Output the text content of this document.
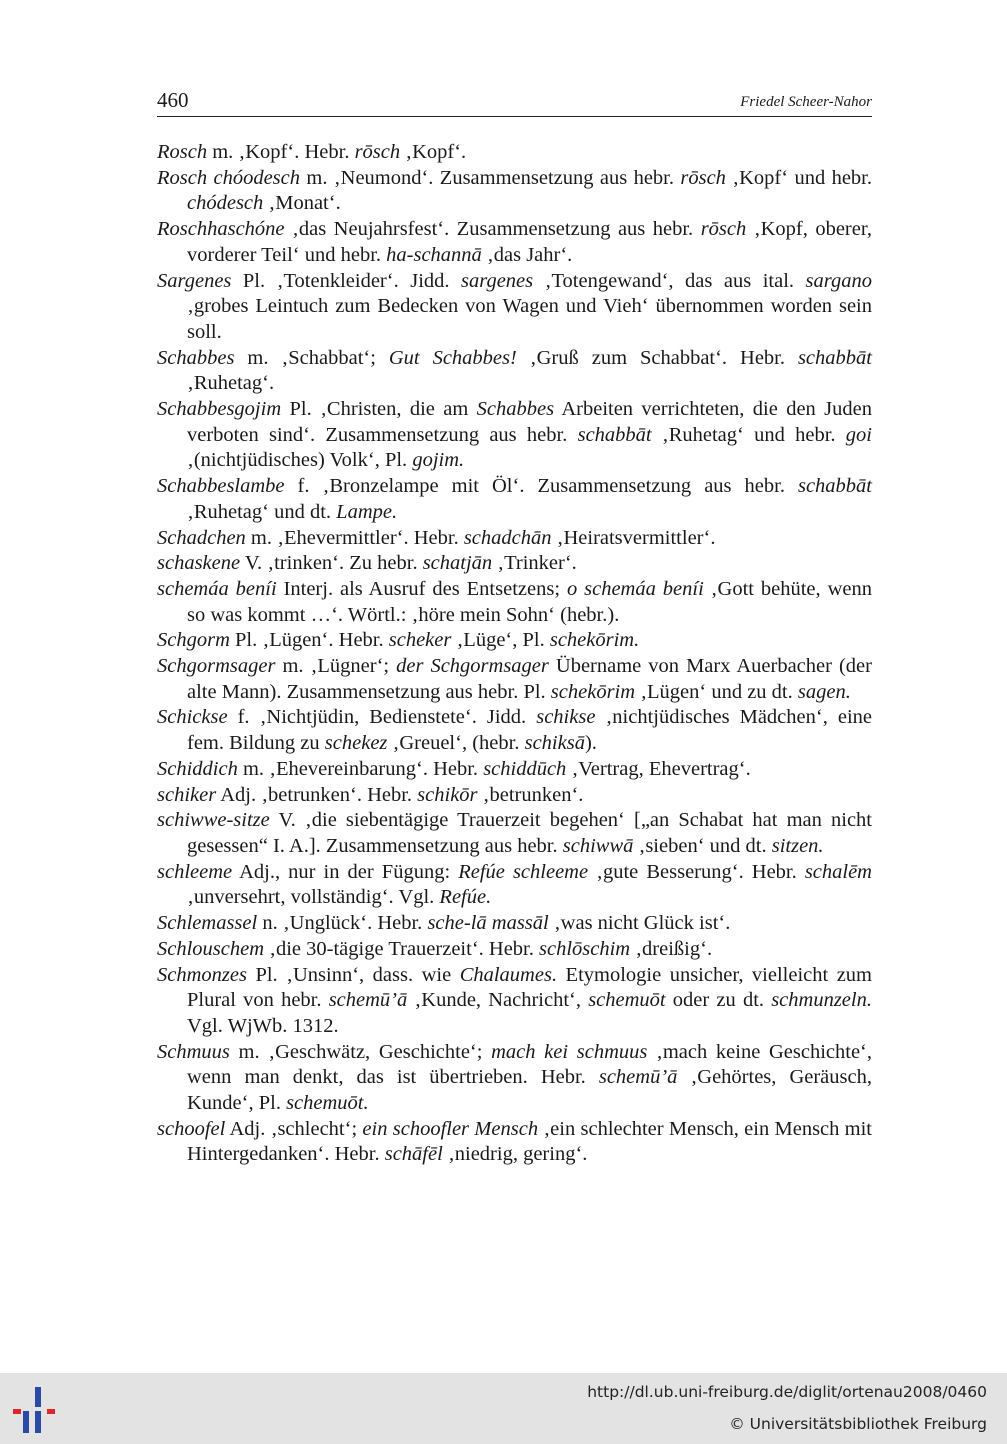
460	Friedel Scheer-Nahor

Rosch m. ‚Kopf‘. Hebr. rōsch ‚Kopf‘.

Rosch chóodesch m. ‚Neumond‘. Zusammensetzung aus hebr. rōsch ‚Kopf‘ und hebr. chódesch ‚Monat‘.

Roschhaschóne ‚das Neujahrsfest‘. Zusammensetzung aus hebr. rōsch ‚Kopf, oberer, vorderer Teil‘ und hebr. ha-schannā ‚das Jahr‘.

Sargenes Pl. ‚Totenkleider‘. Jidd. sargenes ‚Totengewand‘, das aus ital. sargano ‚grobes Leintuch zum Bedecken von Wagen und Vieh‘ übernommen worden sein soll.

Schabbes m. ‚Schabbat‘; Gut Schabbes! ‚Gruß zum Schabbat‘. Hebr. schabbāt ‚Ruhetag‘.

Schabbesgojim Pl. ‚Christen, die am Schabbes Arbeiten verrichteten, die den Juden verboten sind‘. Zusammensetzung aus hebr. schabbāt ‚Ruhetag‘ und hebr. goi ‚(nichtjüdisches) Volk‘, Pl. gojim.

Schabbeslambe f. ‚Bronzelampe mit Öl‘. Zusammensetzung aus hebr. schabbāt ‚Ruhetag‘ und dt. Lampe.

Schadchen m. ‚Ehevermittler‘. Hebr. schadchān ‚Heiratsvermittler‘.

schaskene V. ‚trinken‘. Zu hebr. schatjān ‚Trinker‘.

schemáa beníi Interj. als Ausruf des Entsetzens; o schemáa beníi ‚Gott behüte, wenn so was kommt …‘. Wörtl.: ‚höre mein Sohn‘ (hebr.).

Schgorm Pl. ‚Lügen‘. Hebr. scheker ‚Lüge‘, Pl. schekōrim.

Schgormsager m. ‚Lügner‘; der Schgormsager Übername von Marx Auerbacher (der alte Mann). Zusammensetzung aus hebr. Pl. schekōrim ‚Lügen‘ und zu dt. sagen.

Schickse f. ‚Nichtjüdin, Bedienstete‘. Jidd. schikse ‚nichtjüdisches Mädchen‘, eine fem. Bildung zu schekez ‚Greuel‘, (hebr. schiksā).

Schiddich m. ‚Ehevereinbarung‘. Hebr. schiddūch ‚Vertrag, Ehevertrag‘.

schiker Adj. ‚betrunken‘. Hebr. schikōr ‚betrunken‘.

schiwwe-sitze V. ‚die siebentägige Trauerzeit begehen‘ [„an Schabat hat man nicht gesessen“ I. A.]. Zusammensetzung aus hebr. schiwwā ‚sieben‘ und dt. sitzen.

schleeme Adj., nur in der Fügung: Refúe schleeme ‚gute Besserung‘. Hebr. schalēm ‚unversehrt, vollständig‘. Vgl. Refúe.

Schlemassel n. ‚Unglück‘. Hebr. sche-lā massāl ‚was nicht Glück ist‘.

Schlouschem ‚die 30-tägige Trauerzeit‘. Hebr. schlōschim ‚dreißig‘.

Schmonzes Pl. ‚Unsinn‘, dass. wie Chalaumes. Etymologie unsicher, vielleicht zum Plural von hebr. schemū’ā ‚Kunde, Nachricht‘, schemuōt oder zu dt. schmunzeln. Vgl. WjWb. 1312.

Schmuus m. ‚Geschwätz, Geschichte‘; mach kei schmuus ‚mach keine Geschichte‘, wenn man denkt, das ist übertrieben. Hebr. schemū’ā ‚Gehörtes, Geräusch, Kunde‘, Pl. schemuōt.

schoofel Adj. ‚schlecht‘; ein schoofler Mensch ‚ein schlechter Mensch, ein Mensch mit Hintergedanken‘. Hebr. schāfēl ‚niedrig, gering‘.

http://dl.ub.uni-freiburg.de/diglit/ortenau2008/0460
© Universitätsbibliothek Freiburg
